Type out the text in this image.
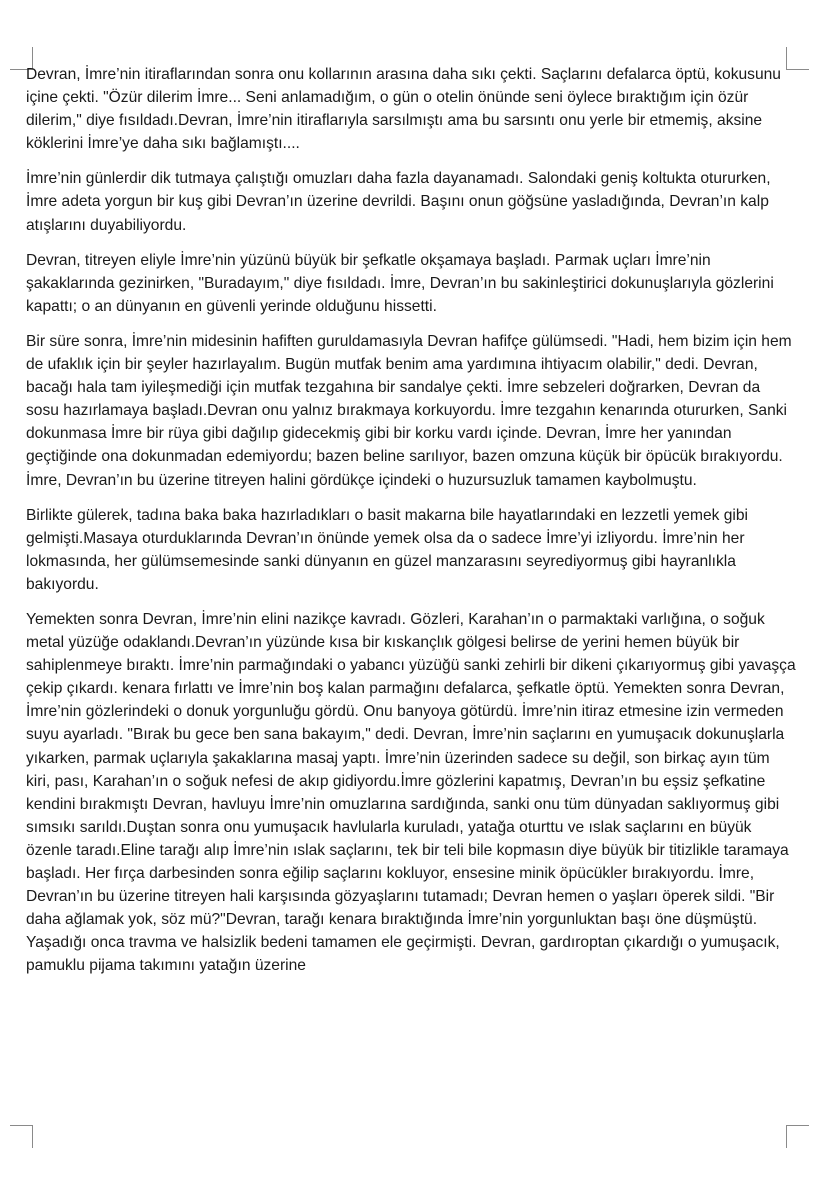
Devran, İmre’nin itiraflarından sonra onu kollarının arasına daha sıkı çekti. Saçlarını defalarca öptü, kokusunu içine çekti. "Özür dilerim İmre... Seni anlamadığım, o gün o otelin önünde seni öylece bıraktığım için özür dilerim," diye fısıldadı.Devran, İmre’nin itiraflarıyla sarsılmıştı ama bu sarsıntı onu yerle bir etmemiş, aksine köklerini İmre’ye daha sıkı bağlamıştı....

İmre’nin günlerdir dik tutmaya çalıştığı omuzları daha fazla dayanamadı. Salondaki geniş koltukta otururken, İmre adeta yorgun bir kuş gibi Devran’ın üzerine devrildi. Başını onun göğsüne yasladığında, Devran’ın kalp atışlarını duyabiliyordu.

Devran, titreyen eliyle İmre’nin yüzünü büyük bir şefkatle okşamaya başladı. Parmak uçları İmre’nin şakaklarında gezinirken, "Buradayım," diye fısıldadı. İmre, Devran’ın bu sakinleştirici dokunuşlarıyla gözlerini kapattı; o an dünyanın en güvenli yerinde olduğunu hissetti.

Bir süre sonra, İmre’nin midesinin hafiften guruldamasıyla Devran hafifçe gülümsedi. "Hadi, hem bizim için hem de ufaklık için bir şeyler hazırlayalım. Bugün mutfak benim ama yardımına ihtiyacım olabilir," dedi. Devran, bacağı hala tam iyileşmediği için mutfak tezgahına bir sandalye çekti. İmre sebzeleri doğrarken, Devran da sosu hazırlamaya başladı.Devran onu yalnız bırakmaya korkuyordu. İmre tezgahın kenarında otururken, Sanki dokunmasa İmre bir rüya gibi dağılıp gidecekmiş gibi bir korku vardı içinde. Devran, İmre her yanından geçtiğinde ona dokunmadan edemiyordu; bazen beline sarılıyor, bazen omzuna küçük bir öpücük bırakıyordu. İmre, Devran’ın bu üzerine titreyen halini gördükçe içindeki o huzursuzluk tamamen kaybolmuştu.

Birlikte gülerek, tadına baka baka hazırladıkları o basit makarna bile hayatlarındaki en lezzetli yemek gibi gelmişti.Masaya oturduklarında Devran’ın önünde yemek olsa da o sadece İmre’yi izliyordu. İmre’nin her lokmasında, her gülümsemesinde sanki dünyanın en güzel manzarasını seyrediyormuş gibi hayranlıkla bakıyordu.

Yemekten sonra Devran, İmre’nin elini nazikçe kavradı. Gözleri, Karahan’ın o parmaktaki varlığına, o soğuk metal yüzüğe odaklandı.Devran’ın yüzünde kısa bir kıskançlık gölgesi belirse de yerini hemen büyük bir sahiplenmeye bıraktı. İmre’nin parmağındaki o yabancı yüzüğü sanki zehirli bir dikeni çıkarıyormuş gibi yavaşça çekip çıkardı. kenara fırlattı ve İmre’nin boş kalan parmağını defalarca, şefkatle öptü. Yemekten sonra Devran, İmre’nin gözlerindeki o donuk yorgunluğu gördü. Onu banyoya götürdü. İmre’nin itiraz etmesine izin vermeden suyu ayarladı. "Bırak bu gece ben sana bakayım," dedi. Devran, İmre’nin saçlarını en yumuşacık dokunuşlarla yıkarken, parmak uçlarıyla şakaklarına masaj yaptı. İmre’nin üzerinden sadece su değil, son birkaç ayın tüm kiri, pası, Karahan’ın o soğuk nefesi de akıp gidiyordu.İmre gözlerini kapatmış, Devran’ın bu eşsiz şefkatine kendini bırakmıştı Devran, havluyu İmre’nin omuzlarına sardığında, sanki onu tüm dünyadan saklıyormuş gibi sımsıkı sarıldı.Duştan sonra onu yumuşacık havlularla kuruladı, yatağa oturttu ve ıslak saçlarını en büyük özenle taradı.Eline tarağı alıp İmre’nin ıslak saçlarını, tek bir teli bile kopmasın diye büyük bir titizlikle taramaya başladı. Her fırça darbesinden sonra eğilip saçlarını kokluyor, ensesine minik öpücükler bırakıyordu. İmre, Devran’ın bu üzerine titreyen hali karşısında gözyaşlarını tutamadı; Devran hemen o yaşları öperek sildi. "Bir daha ağlamak yok, söz mü?"Devran, tarağı kenara bıraktığında İmre’nin yorgunluktan başı öne düşmüştü. Yaşadığı onca travma ve halsizlik bedeni tamamen ele geçirmişti. Devran, gardıroptan çıkardığı o yumuşacık, pamuklu pijama takımını yatağın üzerine
